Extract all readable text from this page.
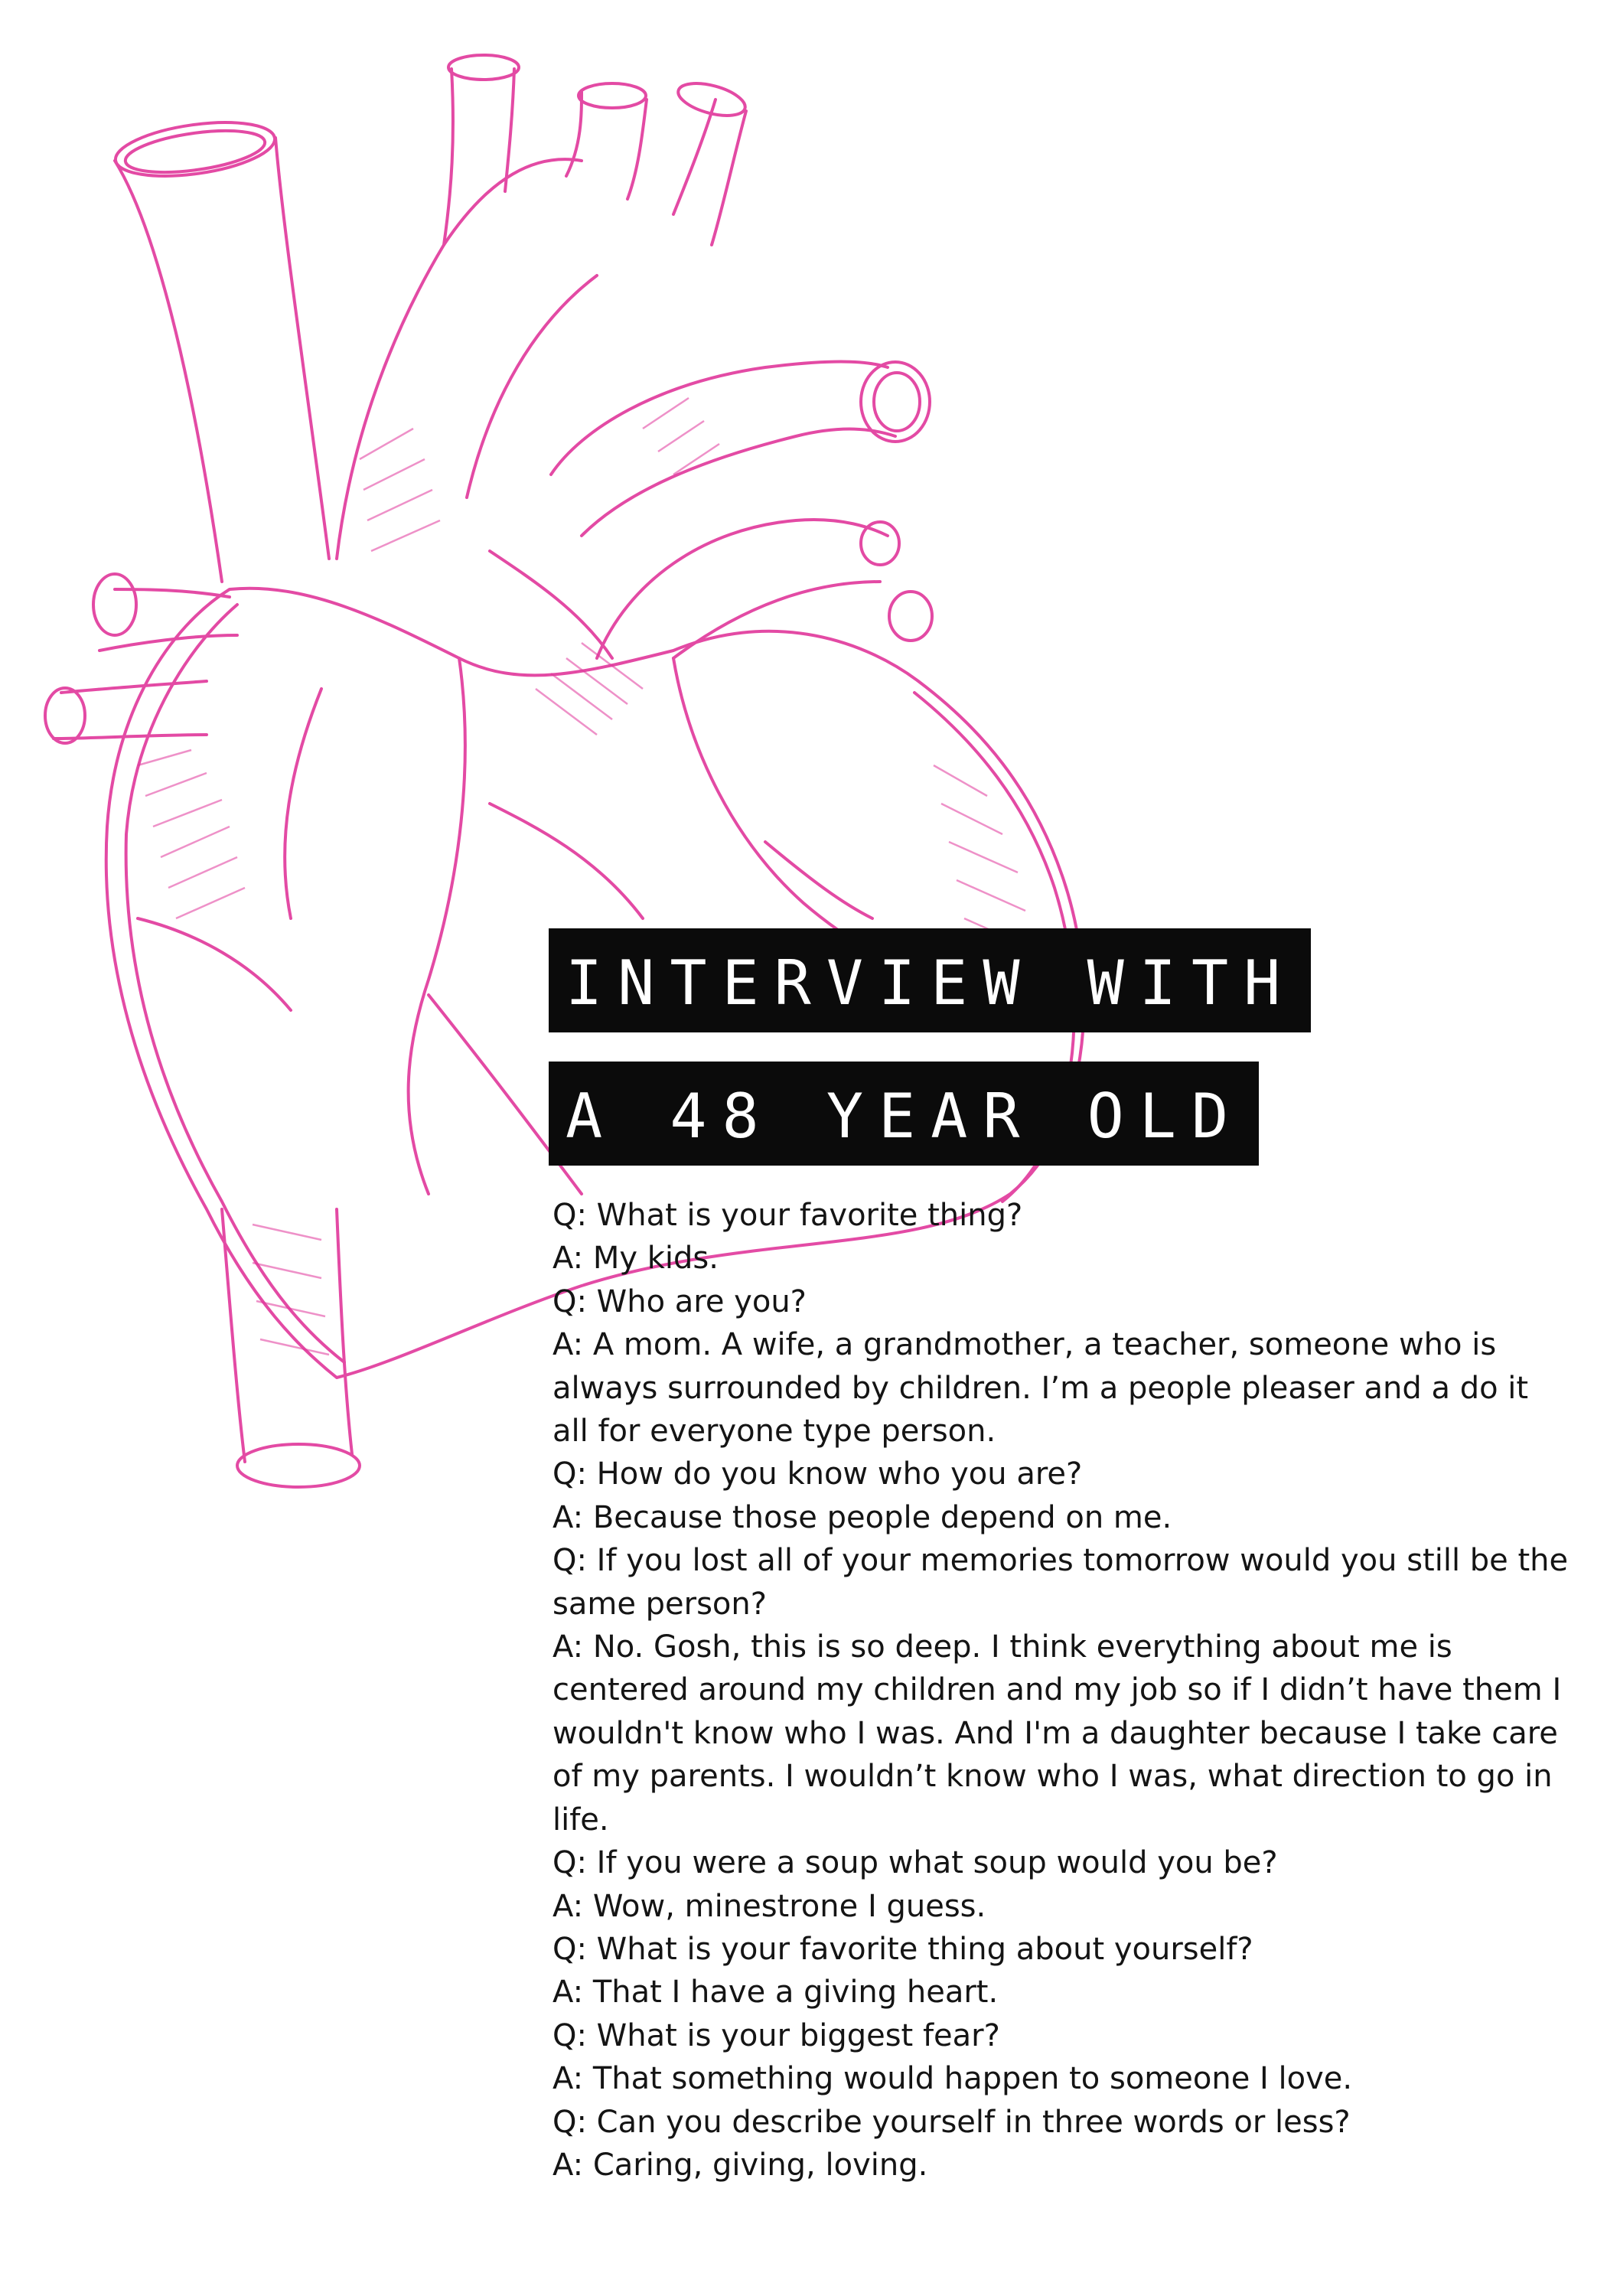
INTERVIEW WITH
A 48 YEAR OLD

Q: What is your favorite thing?

A: My kids.

Q: Who are you?

A: A mom. A wife, a grandmother, a teacher, someone who is always surrounded by children. I’m a people pleaser and a do it all for everyone type person.

Q: How do you know who you are?

A: Because those people depend on me.

Q: If you lost all of your memories tomorrow would you still be the same person?

A: No. Gosh, this is so deep. I think everything about me is centered around my children and my job so if I didn’t have them I wouldn't know who I was. And I'm a daughter because I take care of my parents. I wouldn’t know who I was, what direction to go in life.

Q: If you were a soup what soup would you be?

A: Wow, minestrone I guess.

Q: What is your favorite thing about yourself?

A: That I have a giving heart.

Q: What is your biggest fear?

A: That something would happen to someone I love.

Q: Can you describe yourself in three words or less?

A: Caring, giving, loving.
